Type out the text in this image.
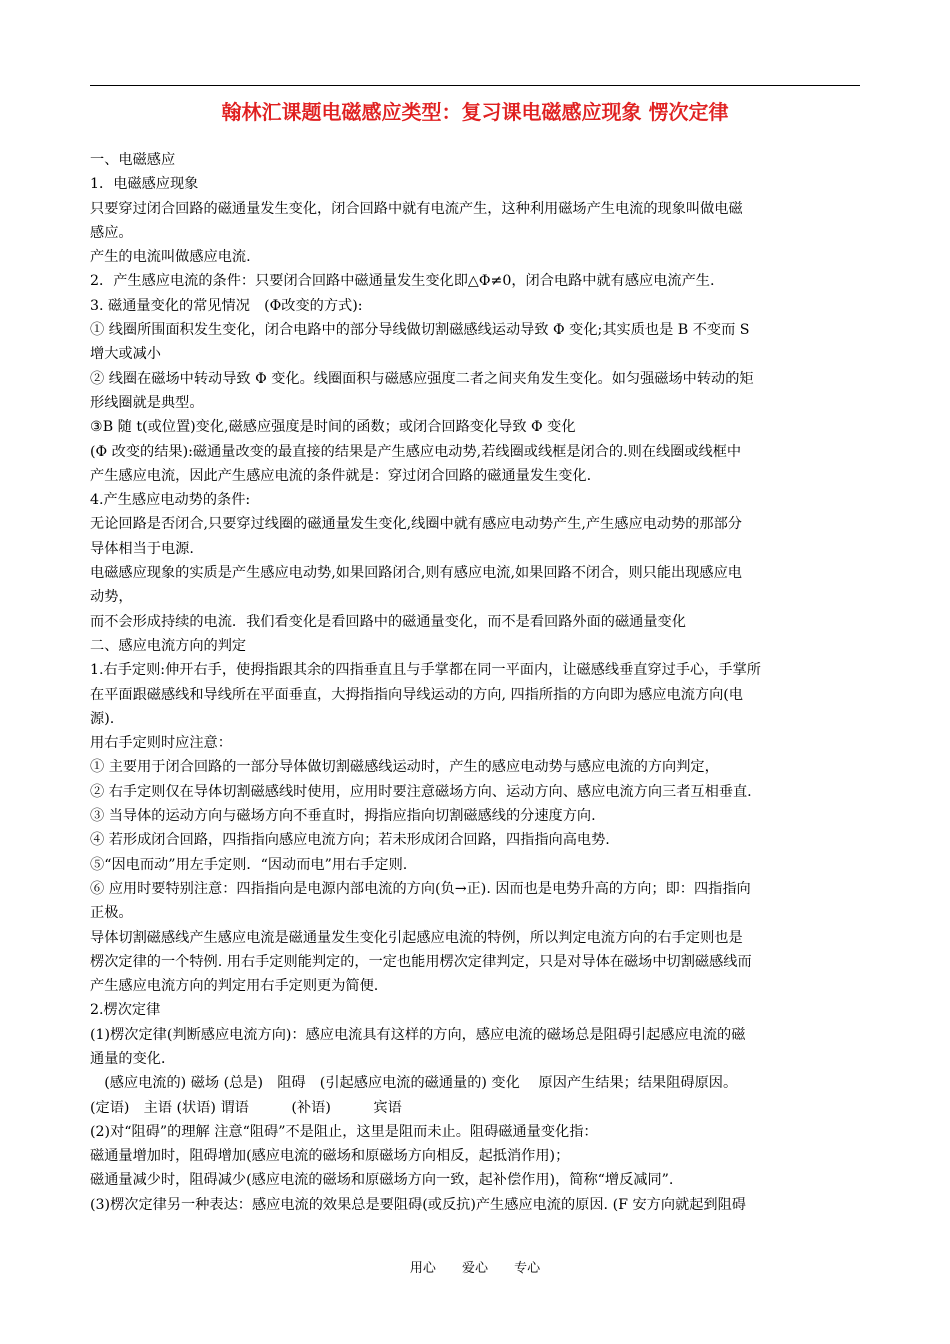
翰林汇课题电磁感应类型：复习课电磁感应现象 愣次定律
一、电磁感应
1．电磁感应现象
只要穿过闭合回路的磁通量发生变化，闭合回路中就有电流产生，这种利用磁场产生电流的现象叫做电磁
感应。
产生的电流叫做感应电流.
2．产生感应电流的条件：只要闭合回路中磁通量发生变化即△Φ≠0，闭合电路中就有感应电流产生.
3. 磁通量变化的常见情况　(Φ改变的方式):
① 线圈所围面积发生变化，闭合电路中的部分导线做切割磁感线运动导致 Φ 变化;其实质也是 B 不变而 S
增大或减小
② 线圈在磁场中转动导致 Φ 变化。线圈面积与磁感应强度二者之间夹角发生变化。如匀强磁场中转动的矩
形线圈就是典型。
③B 随 t(或位置)变化,磁感应强度是时间的函数；或闭合回路变化导致 Φ 变化
(Φ 改变的结果):磁通量改变的最直接的结果是产生感应电动势,若线圈或线框是闭合的.则在线圈或线框中
产生感应电流，因此产生感应电流的条件就是：穿过闭合回路的磁通量发生变化.
4.产生感应电动势的条件:
无论回路是否闭合,只要穿过线圈的磁通量发生变化,线圈中就有感应电动势产生,产生感应电动势的那部分
导体相当于电源.
电磁感应现象的实质是产生感应电动势,如果回路闭合,则有感应电流,如果回路不闭合，则只能出现感应电
动势，
而不会形成持续的电流．我们看变化是看回路中的磁通量变化，而不是看回路外面的磁通量变化
二、感应电流方向的判定
1.右手定则:伸开右手，使拇指跟其余的四指垂直且与手掌都在同一平面内，让磁感线垂直穿过手心，手掌所
在平面跟磁感线和导线所在平面垂直，大拇指指向导线运动的方向, 四指所指的方向即为感应电流方向(电
源).
用右手定则时应注意：
① 主要用于闭合回路的一部分导体做切割磁感线运动时，产生的感应电动势与感应电流的方向判定，
② 右手定则仅在导体切割磁感线时使用，应用时要注意磁场方向、运动方向、感应电流方向三者互相垂直.
③ 当导体的运动方向与磁场方向不垂直时，拇指应指向切割磁感线的分速度方向.
④ 若形成闭合回路，四指指向感应电流方向；若未形成闭合回路，四指指向高电势.
⑤“因电而动”用左手定则．“因动而电”用右手定则.
⑥ 应用时要特别注意：四指指向是电源内部电流的方向(负→正). 因而也是电势升高的方向；即：四指指向
正极。
导体切割磁感线产生感应电流是磁通量发生变化引起感应电流的特例，所以判定电流方向的右手定则也是
楞次定律的一个特例. 用右手定则能判定的，一定也能用楞次定律判定，只是对导体在磁场中切割磁感线而
产生感应电流方向的判定用右手定则更为简便.
2.楞次定律
(1)楞次定律(判断感应电流方向)：感应电流具有这样的方向，感应电流的磁场总是阻碍引起感应电流的磁
通量的变化．
　(感应电流的) 磁场 (总是)　阻碍　(引起感应电流的磁通量的) 变化　 原因产生结果；结果阻碍原因。
(定语)　主语 (状语) 谓语　　　(补语)　　　宾语
(2)对“阻碍”的理解 注意“阻碍”不是阻止，这里是阻而未止。阻碍磁通量变化指：
磁通量增加时，阻碍增加(感应电流的磁场和原磁场方向相反，起抵消作用)；
磁通量减少时，阻碍减少(感应电流的磁场和原磁场方向一致，起补偿作用)，简称“增反减同”.
(3)楞次定律另一种表达：感应电流的效果总是要阻碍(或反抗)产生感应电流的原因. (F 安方向就起到阻碍
用心 爱心 专心
